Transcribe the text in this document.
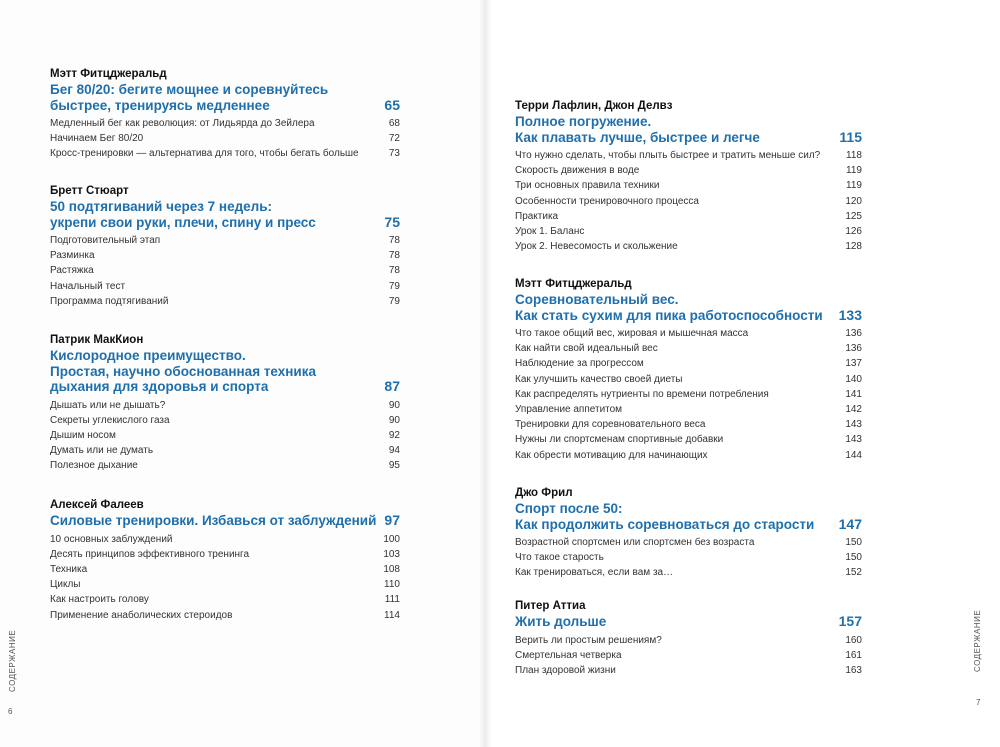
СОДЕРЖАНИЕ
6
СОДЕРЖАНИЕ
7
Мэтт Фитцджеральд
Бег 80/20: бегите мощнее и соревнуйтесь
быстрее, тренируясь медленнее	65
Медленный бег как революция: от Лидьярда до Зейлера	68
Начинаем Бег 80/20	72
Кросс-тренировки — альтернатива для того, чтобы бегать больше	73
Бретт Стюарт
50 подтягиваний через 7 недель:
укрепи свои руки, плечи, спину и пресс	75
Подготовительный этап	78
Разминка	78
Растяжка	78
Начальный тест	79
Программа подтягиваний	79
Патрик МакКион
Кислородное преимущество.
Простая, научно обоснованная техника
дыхания для здоровья и спорта	87
Дышать или не дышать?	90
Секреты углекислого газа	90
Дышим носом	92
Думать или не думать	94
Полезное дыхание	95
Алексей Фалеев
Силовые тренировки. Избавься от заблуждений 97
10 основных заблуждений	100
Десять принципов эффективного тренинга	103
Техника	108
Циклы	110
Как настроить голову	111
Применение анаболических стероидов	114
Терри Лафлин, Джон Делвз
Полное погружение.
Как плавать лучше, быстрее и легче	115
Что нужно сделать, чтобы плыть быстрее и тратить меньше сил?	118
Скорость движения в воде	119
Три основных правила техники	119
Особенности тренировочного процесса	120
Практика	125
Урок 1. Баланс	126
Урок 2. Невесомость и скольжение	128
Мэтт Фитцджеральд
Соревновательный вес.
Как стать сухим для пика работоспособности	133
Что такое общий вес, жировая и мышечная масса	136
Как найти свой идеальный вес	136
Наблюдение за прогрессом	137
Как улучшить качество своей диеты	140
Как распределять нутриенты по времени потребления	141
Управление аппетитом	142
Тренировки для соревновательного веса	143
Нужны ли спортсменам спортивные добавки	143
Как обрести мотивацию для начинающих	144
Джо Фрил
Спорт после 50:
Как продолжить соревноваться до старости	147
Возрастной спортсмен или спортсмен без возраста	150
Что такое старость	150
Как тренироваться, если вам за…	152
Питер Аттиа
Жить дольше	157
Верить ли простым решениям?	160
Смертельная четверка	161
План здоровой жизни	163
